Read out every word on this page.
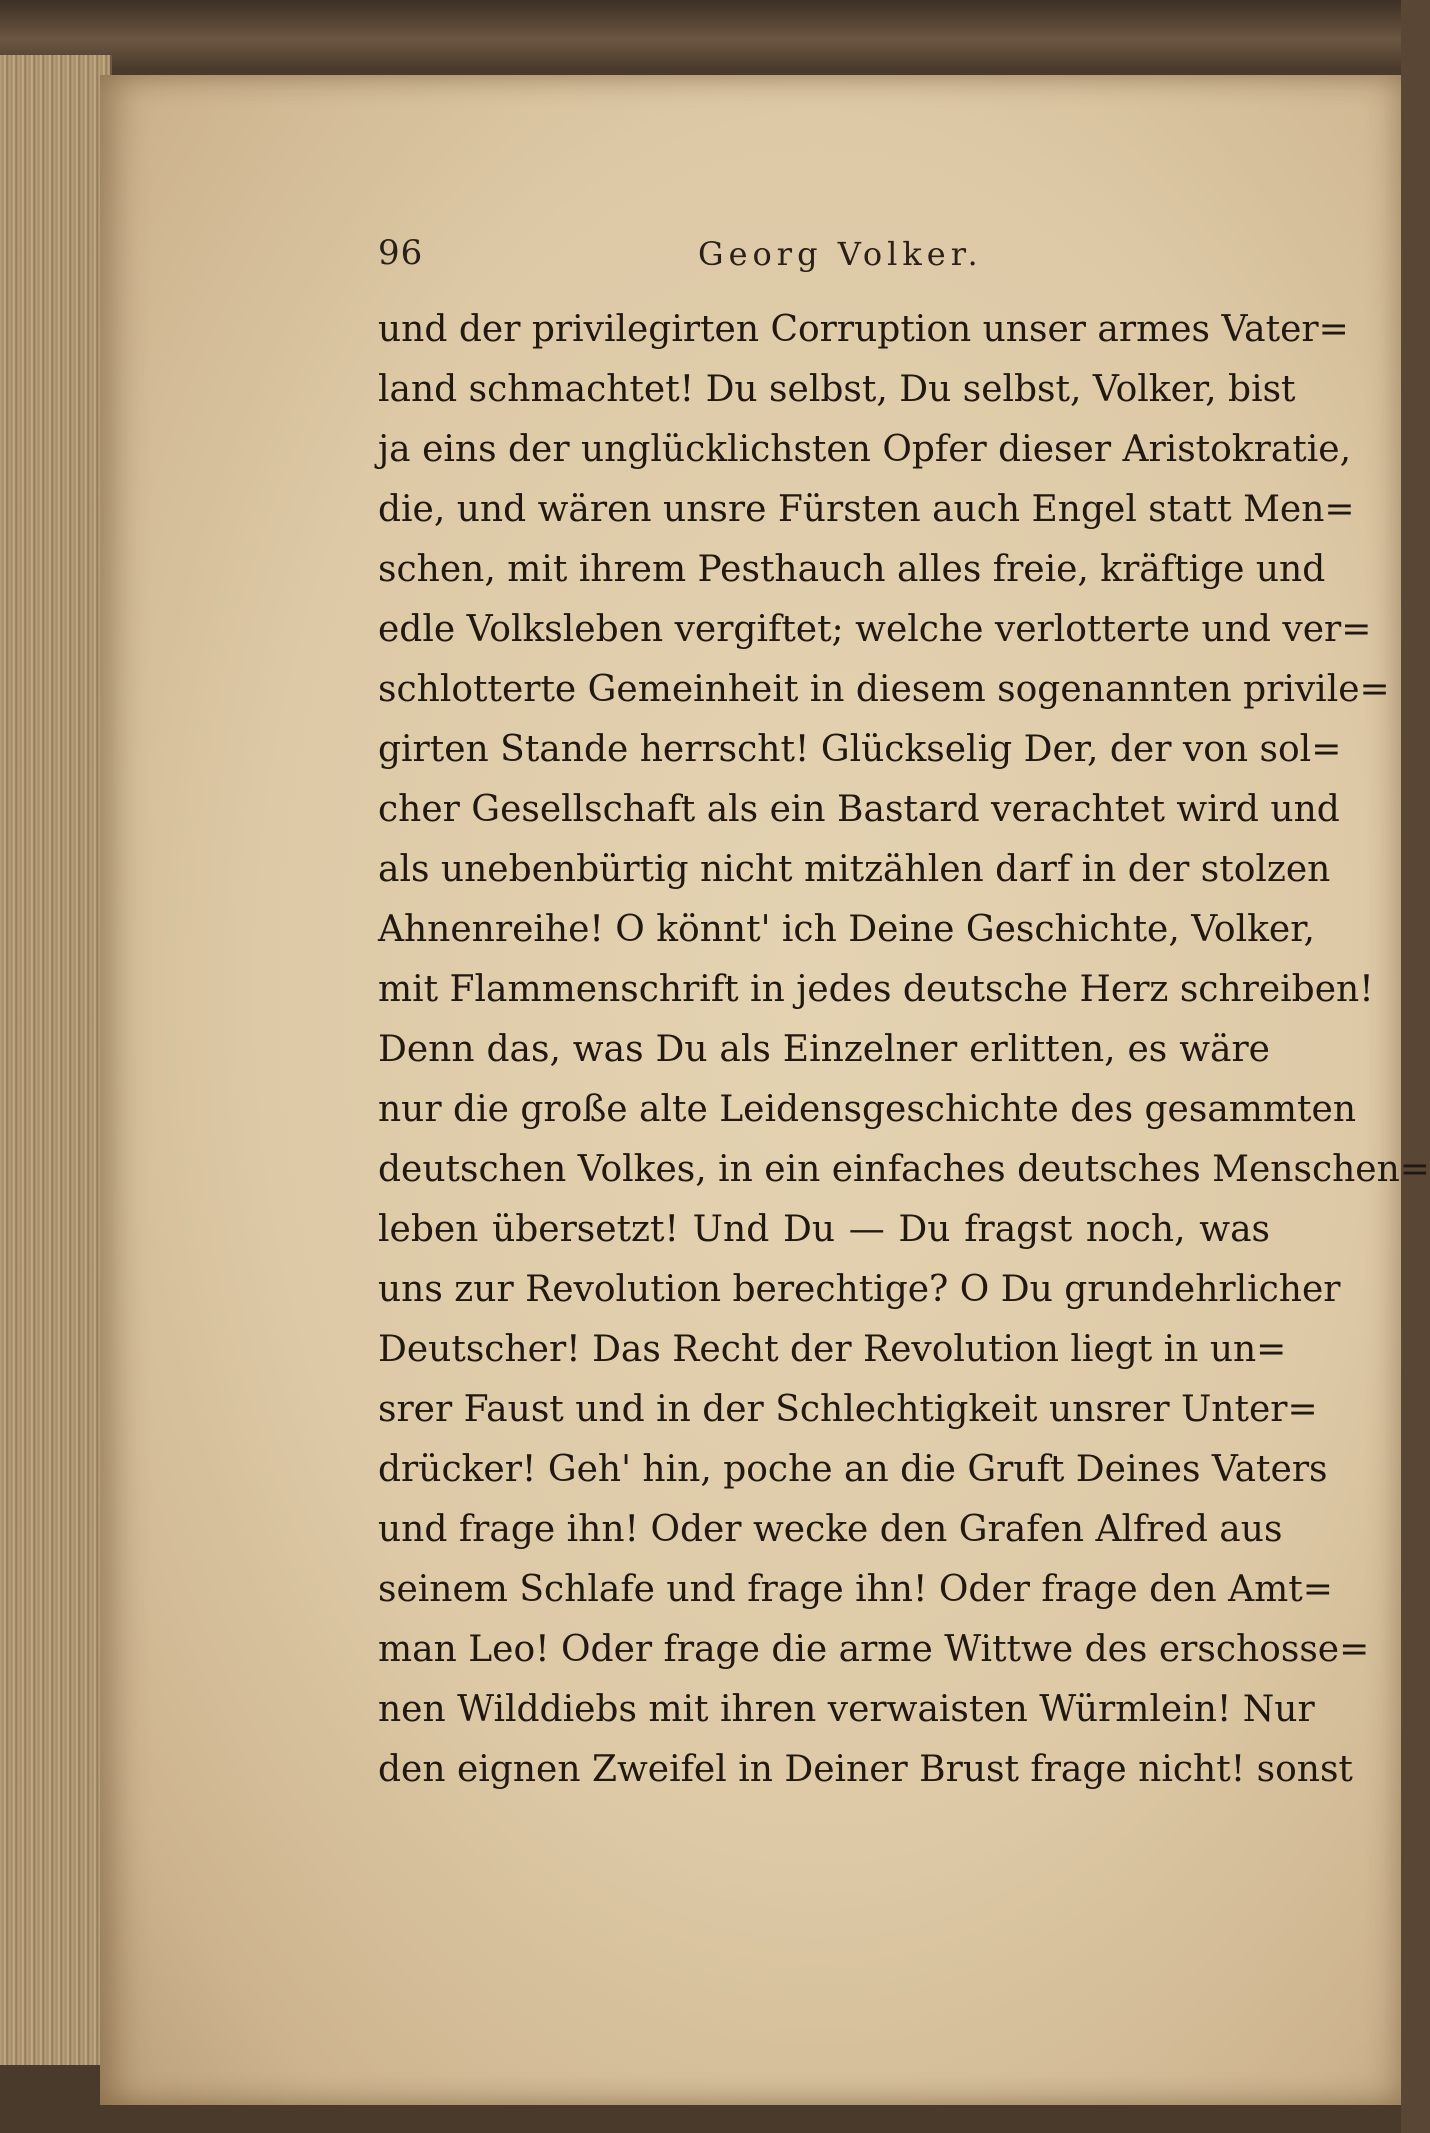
96	Georg Volker.
und der privilegirten Corruption unser armes Vater=
land schmachtet! Du selbst, Du selbst, Volker, bist
ja eins der unglücklichsten Opfer dieser Aristokratie,
die, und wären unsre Fürsten auch Engel statt Men=
schen, mit ihrem Pesthauch alles freie, kräftige und
edle Volksleben vergiftet; welche verlotterte und ver=
schlotterte Gemeinheit in diesem sogenannten privile=
girten Stande herrscht! Glückselig Der, der von sol=
cher Gesellschaft als ein Bastard verachtet wird und
als unebenbürtig nicht mitzählen darf in der stolzen
Ahnenreihe! O könnt' ich Deine Geschichte, Volker,
mit Flammenschrift in jedes deutsche Herz schreiben!
Denn das, was Du als Einzelner erlitten, es wäre
nur die große alte Leidensgeschichte des gesammten
deutschen Volkes, in ein einfaches deutsches Menschen=
leben übersetzt! Und Du — Du fragst noch, was
uns zur Revolution berechtige? O Du grundehrlicher
Deutscher! Das Recht der Revolution liegt in un=
srer Faust und in der Schlechtigkeit unsrer Unter=
drücker! Geh' hin, poche an die Gruft Deines Vaters
und frage ihn! Oder wecke den Grafen Alfred aus
seinem Schlafe und frage ihn! Oder frage den Amt=
man Leo! Oder frage die arme Wittwe des erschosse=
nen Wilddiebs mit ihren verwaisten Würmlein! Nur
den eignen Zweifel in Deiner Brust frage nicht! sonst
